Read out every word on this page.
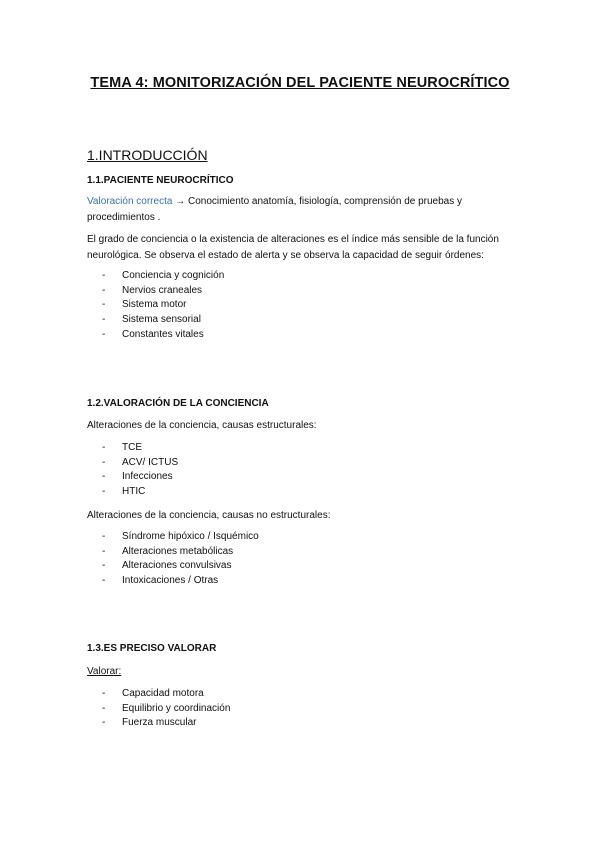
TEMA 4: MONITORIZACIÓN DEL PACIENTE NEUROCRÍTICO
1.INTRODUCCIÓN
1.1.PACIENTE NEUROCRÍTICO
Valoración correcta → Conocimiento anatomía, fisiología, comprensión de pruebas y
procedimientos .
El grado de conciencia o la existencia de alteraciones es el índice más sensible de la función
neurológica. Se observa el estado de alerta y se observa la capacidad de seguir órdenes:
- Conciencia y cognición
- Nervios craneales
- Sistema motor
- Sistema sensorial
- Constantes vitales
1.2.VALORACIÓN DE LA CONCIENCIA
Alteraciones de la conciencia, causas estructurales:
- TCE
- ACV/ ICTUS
- Infecciones
- HTIC
Alteraciones de la conciencia, causas no estructurales:
- Síndrome hipóxico / Isquémico
- Alteraciones metabólicas
- Alteraciones convulsivas
- Intoxicaciones / Otras
1.3.ES PRECISO VALORAR
Valorar:
- Capacidad motora
- Equilibrio y coordinación
- Fuerza muscular
